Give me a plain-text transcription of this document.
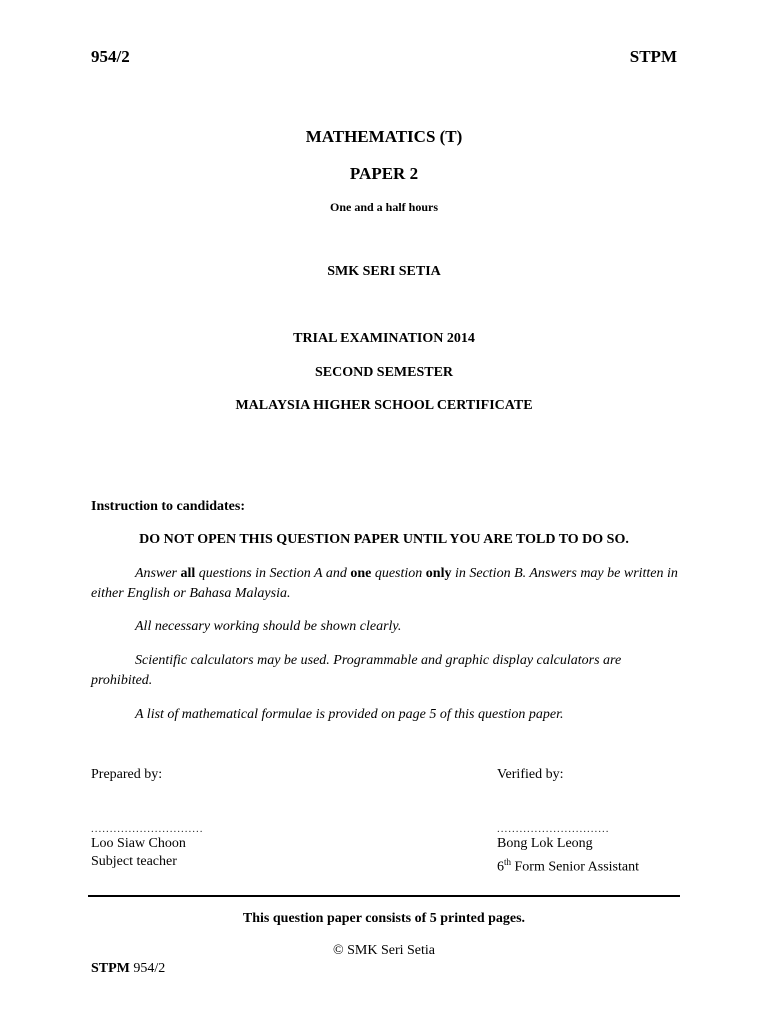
954/2	STPM
MATHEMATICS (T)
PAPER 2
One and a half hours
SMK SERI SETIA
TRIAL EXAMINATION 2014
SECOND SEMESTER
MALAYSIA HIGHER SCHOOL CERTIFICATE
Instruction to candidates:
DO NOT OPEN THIS QUESTION PAPER UNTIL YOU ARE TOLD TO DO SO.
Answer all questions in Section A and one question only in Section B. Answers may be written in either English or Bahasa Malaysia.
All necessary working should be shown clearly.
Scientific calculators may be used. Programmable and graphic display calculators are prohibited.
A list of mathematical formulae is provided on page 5 of this question paper.
Prepared by:
..............................
Loo Siaw Choon
Subject teacher
Verified by:
..............................
Bong Lok Leong
6th Form Senior Assistant
This question paper consists of 5 printed pages.
© SMK Seri Setia
STPM 954/2
